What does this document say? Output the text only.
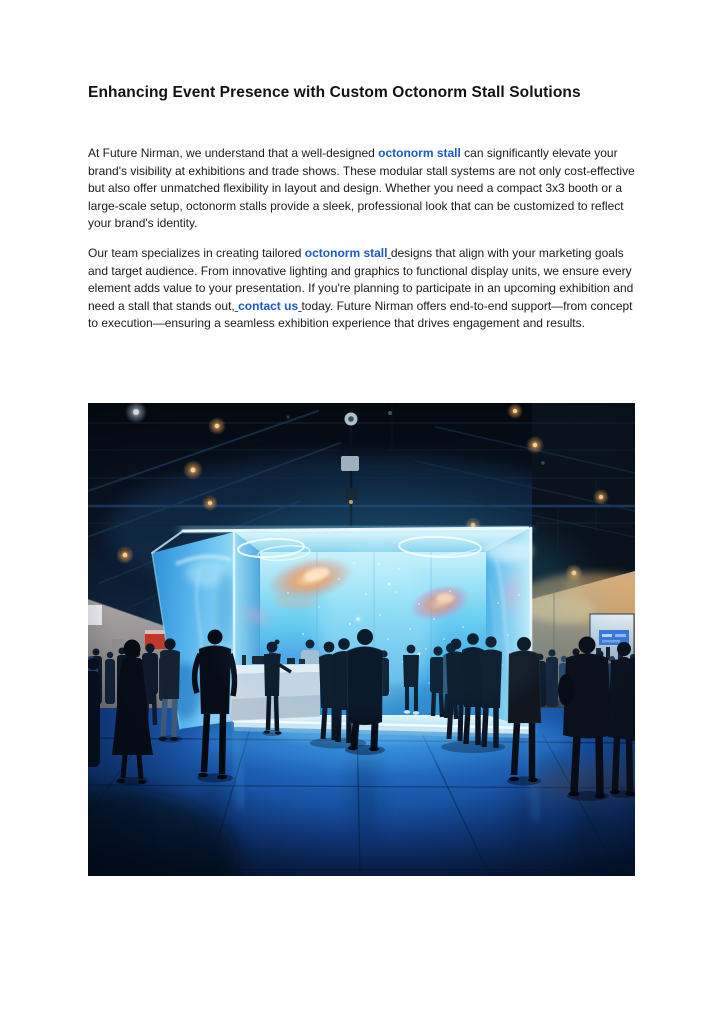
Enhancing Event Presence with Custom Octonorm Stall Solutions

At Future Nirman, we understand that a well-designed octonorm stall can significantly elevate your brand's visibility at exhibitions and trade shows. These modular stall systems are not only cost-effective but also offer unmatched flexibility in layout and design. Whether you need a compact 3x3 booth or a large-scale setup, octonorm stalls provide a sleek, professional look that can be customized to reflect your brand's identity.

Our team specializes in creating tailored octonorm stall designs that align with your marketing goals and target audience. From innovative lighting and graphics to functional display units, we ensure every element adds value to your presentation. If you're planning to participate in an upcoming exhibition and need a stall that stands out, contact us today. Future Nirman offers end-to-end support—from concept to execution—ensuring a seamless exhibition experience that drives engagement and results.
